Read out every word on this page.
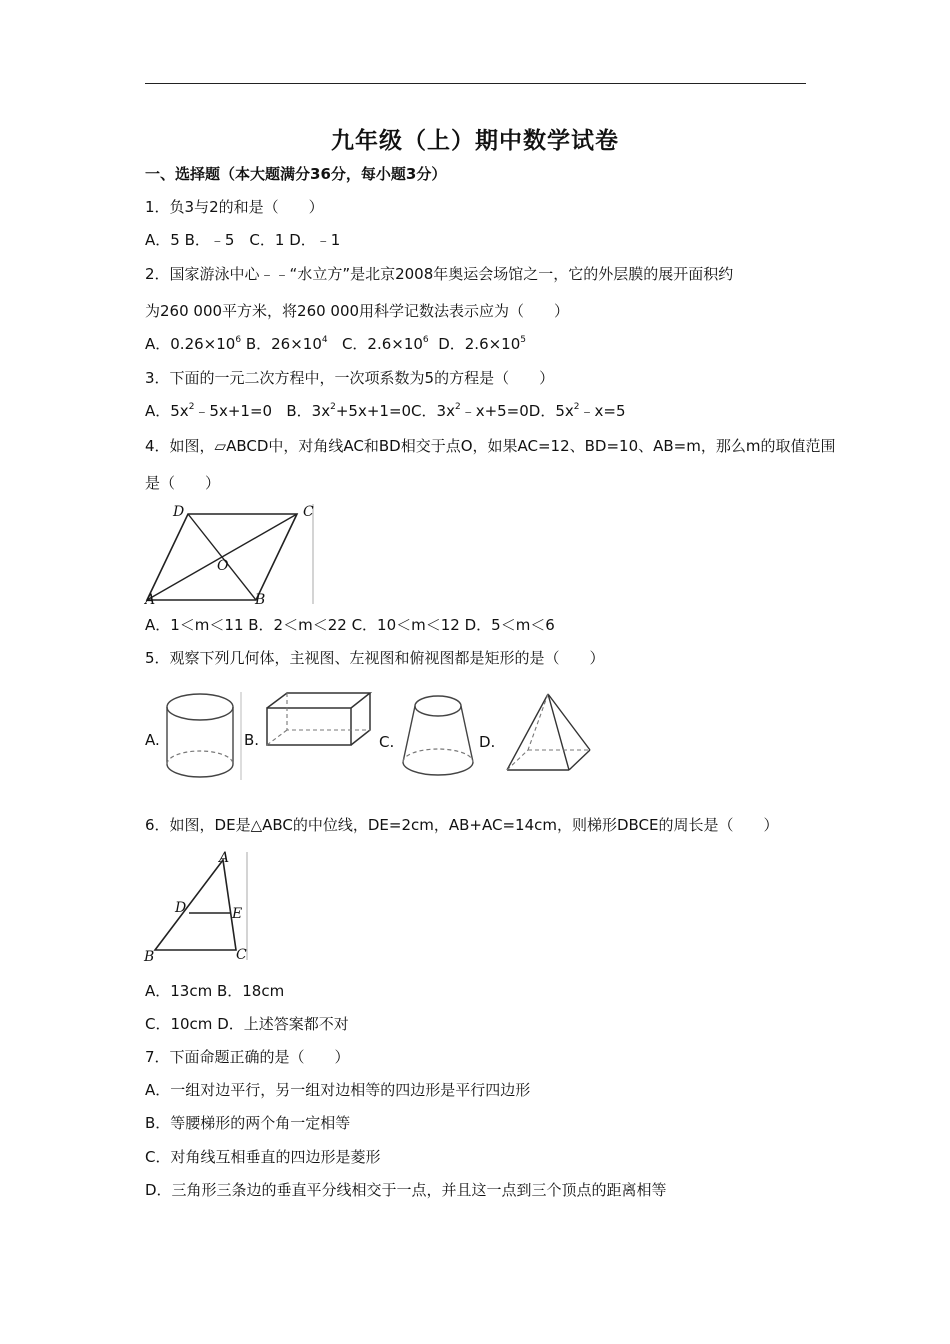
九年级（上）期中数学试卷
一、选择题（本大题满分36分，每小题3分）
1．负3与2的和是（　　）
A．5 B．﹣5　C．1 D．﹣1
2．国家游泳中心﹣﹣“水立方”是北京2008年奥运会场馆之一，它的外层膜的展开面积约
为260 000平方米，将260 000用科学记数法表示应为（　　）
A．$0.26\times 10^6$ B．$26\times 10^4$ C．$2.6\times 10^6$ D．$2.6\times 10^5$
3．下面的一元二次方程中，一次项系数为5的方程是（　　）
A．$5x^2﹣5x+1=0$ B．$3x^2+5x+1=0C$．$3x^2﹣x+5=0D$．$5x^2﹣x=5$
4．如图，▱ABCD中，对角线AC和BD相交于点O，如果AC=12、BD=10、AB=m，那么m的取值范围
是（　　）
D	C
O
A	B
A．1＜m＜11 B．2＜m＜22 C．10＜m＜12 D．5＜m＜6
5．观察下列几何体，主视图、左视图和俯视图都是矩形的是（　　）
A.	B.	C.	D.
6．如图，DE是△ABC的中位线，DE=2cm，AB+AC=14cm，则梯形DBCE的周长是（　　）
A
D	E
B	C
A．13cm B．18cm
C．10cm D．上述答案都不对
7．下面命题正确的是（　　）
A．一组对边平行，另一组对边相等的四边形是平行四边形
B．等腰梯形的两个角一定相等
C．对角线互相垂直的四边形是菱形
D．三角形三条边的垂直平分线相交于一点，并且这一点到三个顶点的距离相等
